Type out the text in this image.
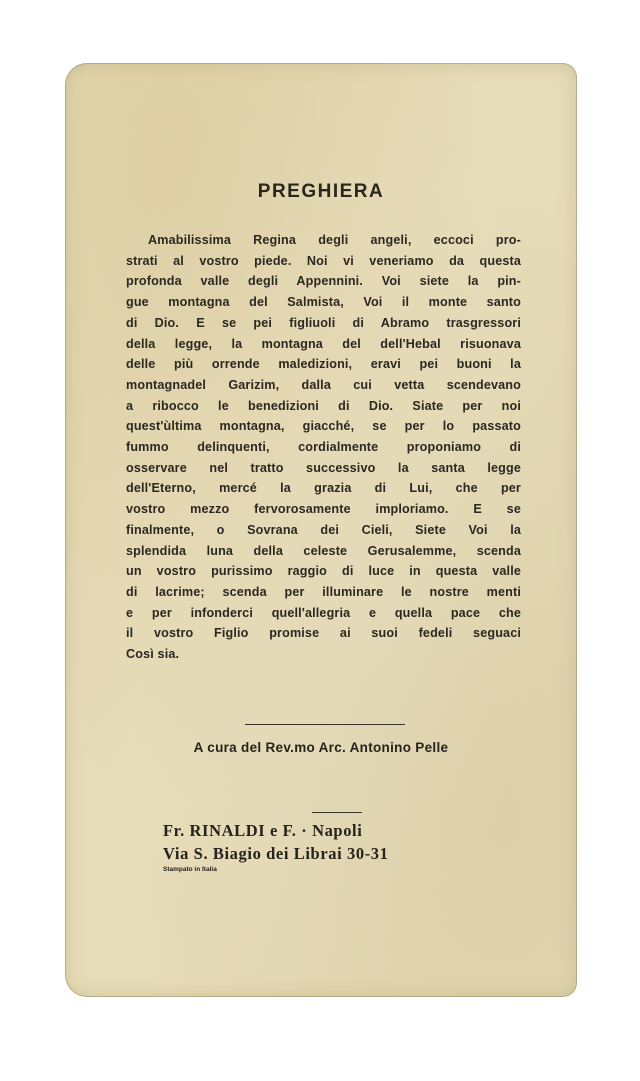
PREGHIERA
Amabilissima Regina degli angeli, eccoci pro-
strati al vostro piede. Noi vi veneriamo da questa
profonda valle degli Appennini. Voi siete la pin-
gue montagna del Salmista, Voi il monte santo
di Dio. E se pei figliuoli di Abramo trasgressori
della legge, la montagna del dell'Hebal risuonava
delle più orrende maledizioni, eravi pei buoni la
montagnadel Garizim, dalla cui vetta scendevano
a ribocco le benedizioni di Dio. Siate per noi
quest'ùltima montagna, giacché, se per lo passato
fummo delinquenti, cordialmente proponiamo di
osservare nel tratto successivo la santa legge
dell'Eterno, mercé la grazia di Lui, che per
vostro mezzo fervorosamente imploriamo. E se
finalmente, o Sovrana dei Cieli, Siete Voi la
splendida luna della celeste Gerusalemme, scenda
un vostro purissimo raggio di luce in questa valle
di lacrime; scenda per illuminare le nostre menti
e per infonderci quell'allegria e quella pace che
il vostro Figlio promise ai suoi fedeli seguaci
Così sia.
A cura del Rev.mo Arc. Antonino Pelle
Fr. RINALDI e F. · Napoli
Via S. Biagio dei Librai 30-31
Stampato in Italia
